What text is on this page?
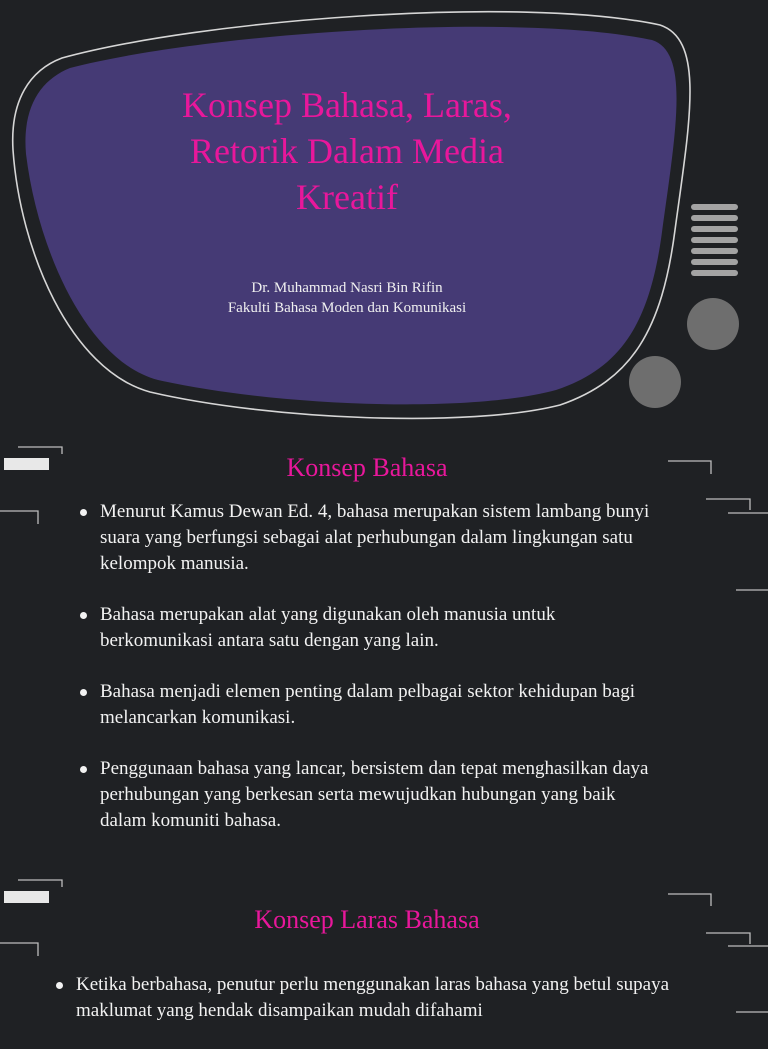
Konsep Bahasa, Laras, Retorik Dalam Media Kreatif
Dr. Muhammad Nasri Bin Rifin
Fakulti Bahasa Moden dan Komunikasi
Konsep Bahasa
Menurut Kamus Dewan Ed. 4, bahasa merupakan sistem lambang bunyi suara yang berfungsi sebagai alat perhubungan dalam lingkungan satu kelompok manusia.
Bahasa merupakan alat yang digunakan oleh manusia untuk berkomunikasi antara satu dengan yang lain.
Bahasa menjadi elemen penting dalam pelbagai sektor kehidupan bagi melancarkan komunikasi.
Penggunaan bahasa yang lancar, bersistem dan tepat menghasilkan daya perhubungan yang berkesan serta mewujudkan hubungan yang baik dalam komuniti bahasa.
Konsep Laras Bahasa
Ketika berbahasa, penutur perlu menggunakan laras bahasa yang betul supaya maklumat yang hendak disampaikan mudah difahami
